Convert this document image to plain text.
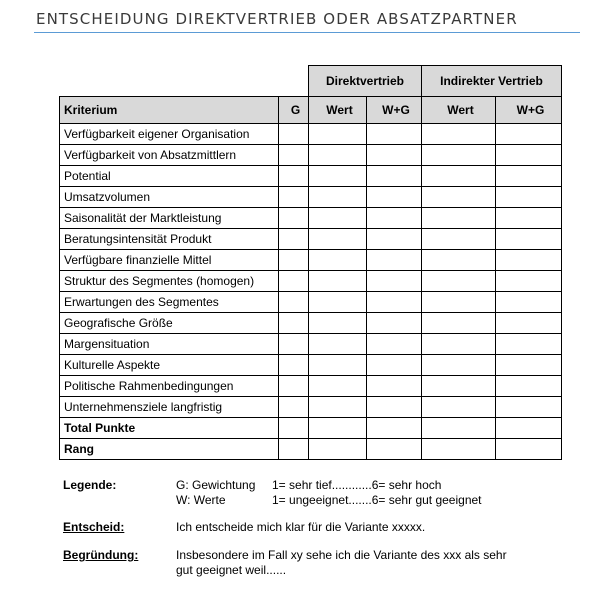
ENTSCHEIDUNG DIREKTVERTRIEB ODER ABSATZPARTNER
		Direktvertrieb		Indirekter Vertrieb	
Kriterium	G	Wert	W+G	Wert	W+G
Verfügbarkeit eigener Organisation					
Verfügbarkeit von Absatzmittlern					
Potential					
Umsatzvolumen					
Saisonalität der Marktleistung					
Beratungsintensität Produkt					
Verfügbare finanzielle Mittel					
Struktur des Segmentes (homogen)					
Erwartungen des Segmentes					
Geografische Größe					
Margensituation					
Kulturelle Aspekte					
Politische Rahmenbedingungen					
Unternehmensziele langfristig					
Total Punkte					
Rang					
Legende:	G: Gewichtung 1= sehr tief............6= sehr hoch
W: Werte	1= ungeeignet.......6= sehr gut geeignet
Entscheid:	Ich entscheide mich klar für die Variante xxxxx.
Begründung:	Insbesondere im Fall xy sehe ich die Variante des xxx als sehr
gut geeignet weil......
